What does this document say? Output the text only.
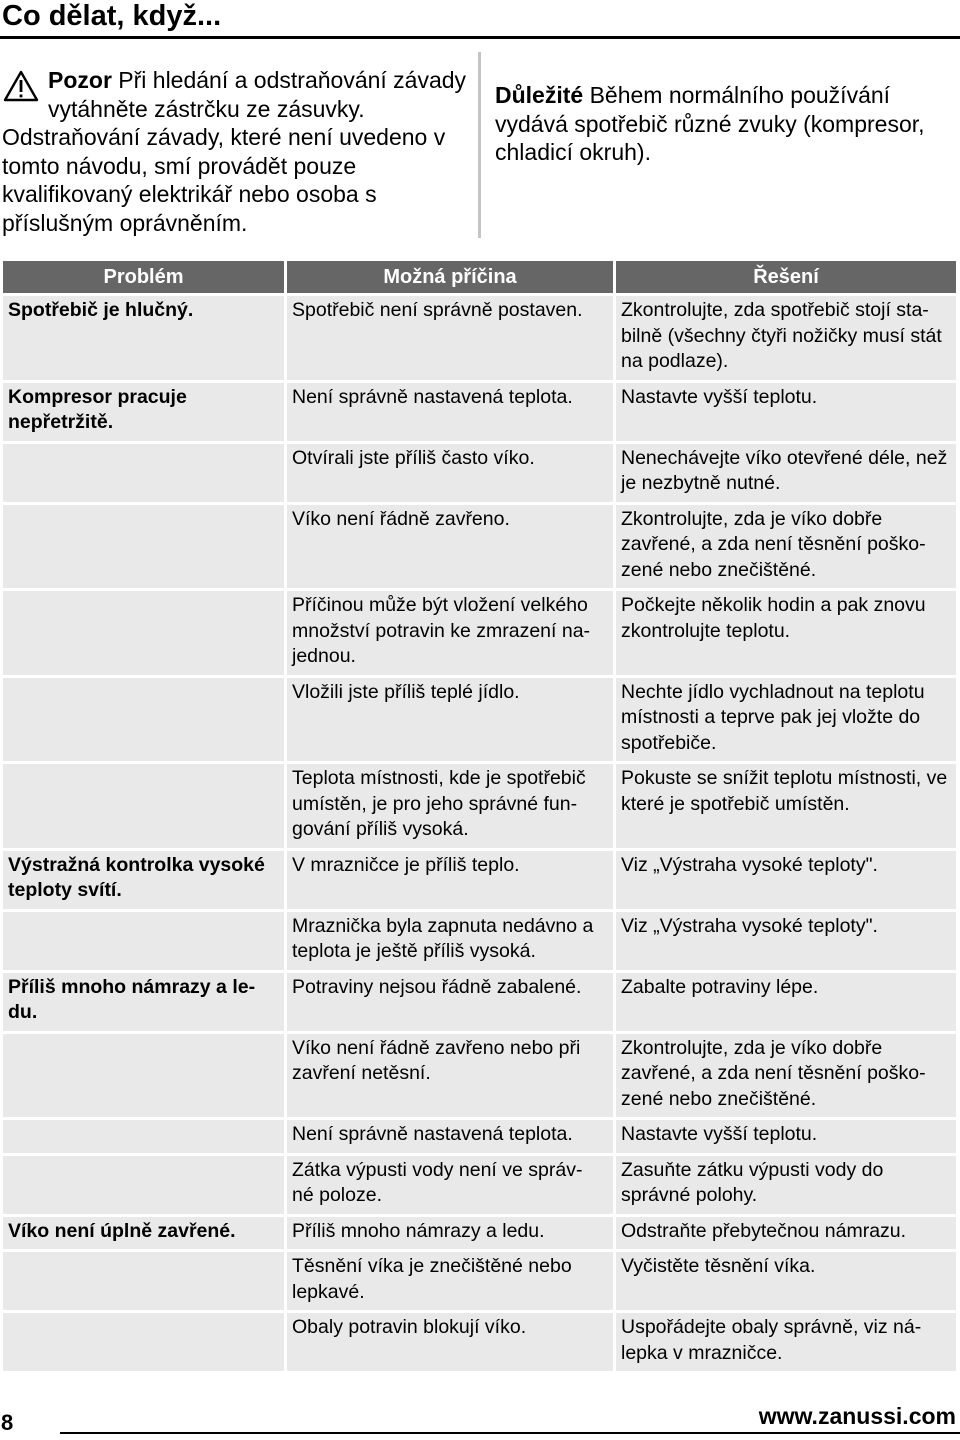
Co dělat, když...
Pozor Při hledání a odstraňování závady vytáhněte zástrčku ze zásuvky.
Odstraňování závady, které není uvedeno v tomto návodu, smí provádět pouze kvalifikovaný elektrikář nebo osoba s příslušným oprávněním.
Důležité Během normálního používání vydává spotřebič různé zvuky (kompresor, chladicí okruh).
Problém	Možná příčina	Řešení
Spotřebič je hlučný.	Spotřebič není správně postaven.	Zkontrolujte, zda spotřebič stojí sta- bilně (všechny čtyři nožičky musí stát na podlaze).
Kompresor pracuje nepřetržitě.	Není správně nastavená teplota.	Nastavte vyšší teplotu.
	Otvírali jste příliš často víko.	Nenechávejte víko otevřené déle, než je nezbytně nutné.
	Víko není řádně zavřeno.	Zkontrolujte, zda je víko dobře zavřené, a zda není těsnění poško- zené nebo znečištěné.
	Příčinou může být vložení velkého množství potravin ke zmrazení na- jednou.	Počkejte několik hodin a pak znovu zkontrolujte teplotu.
	Vložili jste příliš teplé jídlo.	Nechte jídlo vychladnout na teplotu místnosti a teprve pak jej vložte do spotřebiče.
	Teplota místnosti, kde je spotřebič umístěn, je pro jeho správné fun- gování příliš vysoká.	Pokuste se snížit teplotu místnosti, ve které je spotřebič umístěn.
Výstražná kontrolka vysoké teploty svítí.	V mrazničce je příliš teplo.	Viz „Výstraha vysoké teploty".
	Mraznička byla zapnuta nedávno a teplota je ještě příliš vysoká.	Viz „Výstraha vysoké teploty".
Příliš mnoho námrazy a le- du.	Potraviny nejsou řádně zabalené.	Zabalte potraviny lépe.
	Víko není řádně zavřeno nebo při zavření netěsní.	Zkontrolujte, zda je víko dobře zavřené, a zda není těsnění poško- zené nebo znečištěné.
	Není správně nastavená teplota.	Nastavte vyšší teplotu.
	Zátka výpusti vody není ve správ- né poloze.	Zasuňte zátku výpusti vody do správné polohy.
Víko není úplně zavřené.	Příliš mnoho námrazy a ledu.	Odstraňte přebytečnou námrazu.
	Těsnění víka je znečištěné nebo lepkavé.	Vyčistěte těsnění víka.
	Obaly potravin blokují víko.	Uspořádejte obaly správně, viz ná- lepka v mrazničce.
8	www.zanussi.com
